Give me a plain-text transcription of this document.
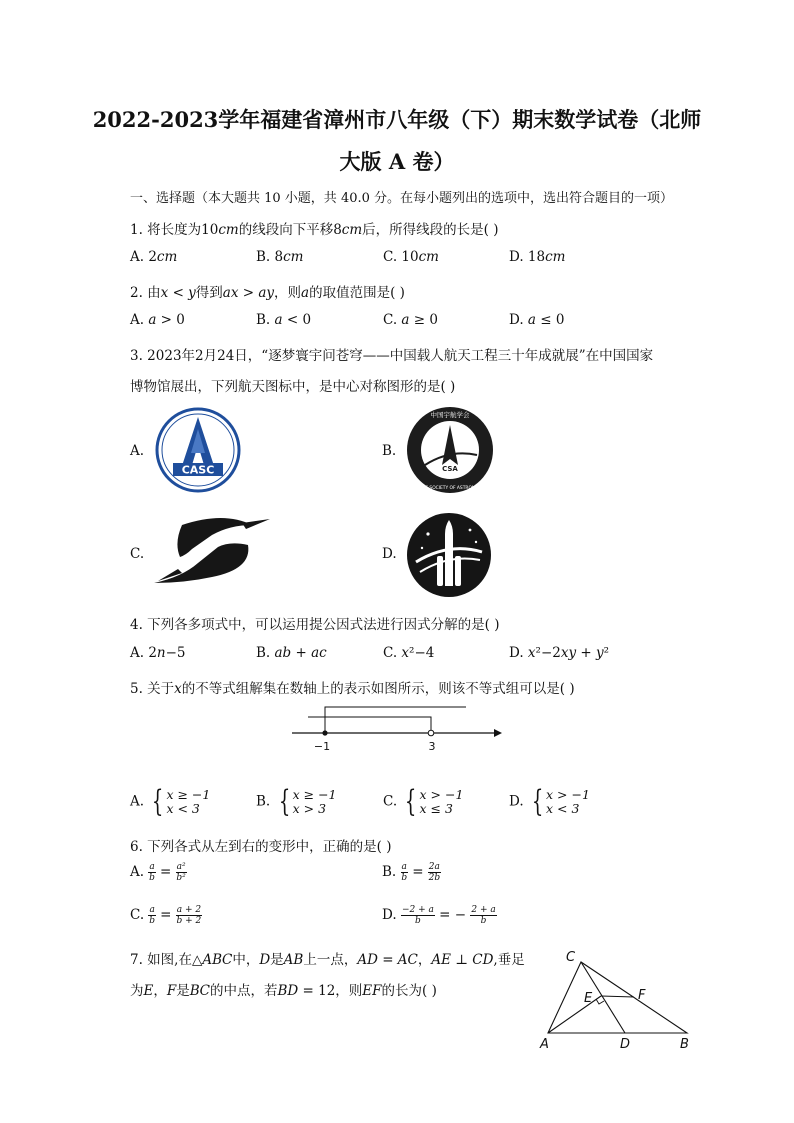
2022-2023学年福建省漳州市八年级（下）期末数学试卷（北师
大版 A 卷）
一、选择题（本大题共 10 小题，共 40.0 分。在每小题列出的选项中，选出符合题目的一项）
1. 将长度为10𝑐𝑚的线段向下平移8𝑐𝑚后，所得线段的长是( )
A. 2𝑐𝑚	B. 8𝑐𝑚	C. 10𝑐𝑚	D. 18𝑐𝑚
2. 由𝑥 < 𝑦得到𝑎𝑥 > 𝑎𝑦，则𝑎的取值范围是( )
A. 𝑎 > 0	B. 𝑎 < 0	C. 𝑎 ≥ 0	D. 𝑎 ≤ 0
3. 2023年2月24日，“逐梦寰宇问苍穹——中国载人航天工程三十年成就展”在中国国家
博物馆展出，下列航天图标中，是中心对称图形的是( )
A.
CASC
B.
CSA
中国宇航学会
CHINESE SOCIETY OF ASTRONAUTICS
C.	D.
4. 下列各多项式中，可以运用提公因式法进行因式分解的是( )
A. 2𝑛−5	B. 𝑎𝑏 + 𝑎𝑐	C. 𝑥²−4	D. 𝑥²−2𝑥𝑦 + 𝑦²
5. 关于𝑥的不等式组解集在数轴上的表示如图所示，则该不等式组可以是( )
−1	3
A. { x ≥ −1
x < 3	B. { x ≥ −1
x > 3	C. { x > −1
x ≤ 3	D. { x > −1
x < 3
6. 下列各式从左到右的变形中，正确的是( )
A. $\frac{a}{b} = \frac{\text{a²}}{\text{b²}}$	B. $\frac{a}{b} = \frac{2a}{2b}$
C. $\frac{a}{b} = \frac{a + 2}{b + 2}$	D. $\frac{-2 + a}{b}$ = − $\frac{2 + a}{b}$
7. 如图,在△𝐴𝐵𝐶中，𝐷是𝐴𝐵上一点，𝐴𝐷 = 𝐴𝐶，𝐴𝐸 ⊥ 𝐶𝐷,垂足
为𝐸，𝐹是𝐵𝐶的中点，若𝐵𝐷 = 12，则𝐸𝐹的长为( )
C
E	F
A	D	B
